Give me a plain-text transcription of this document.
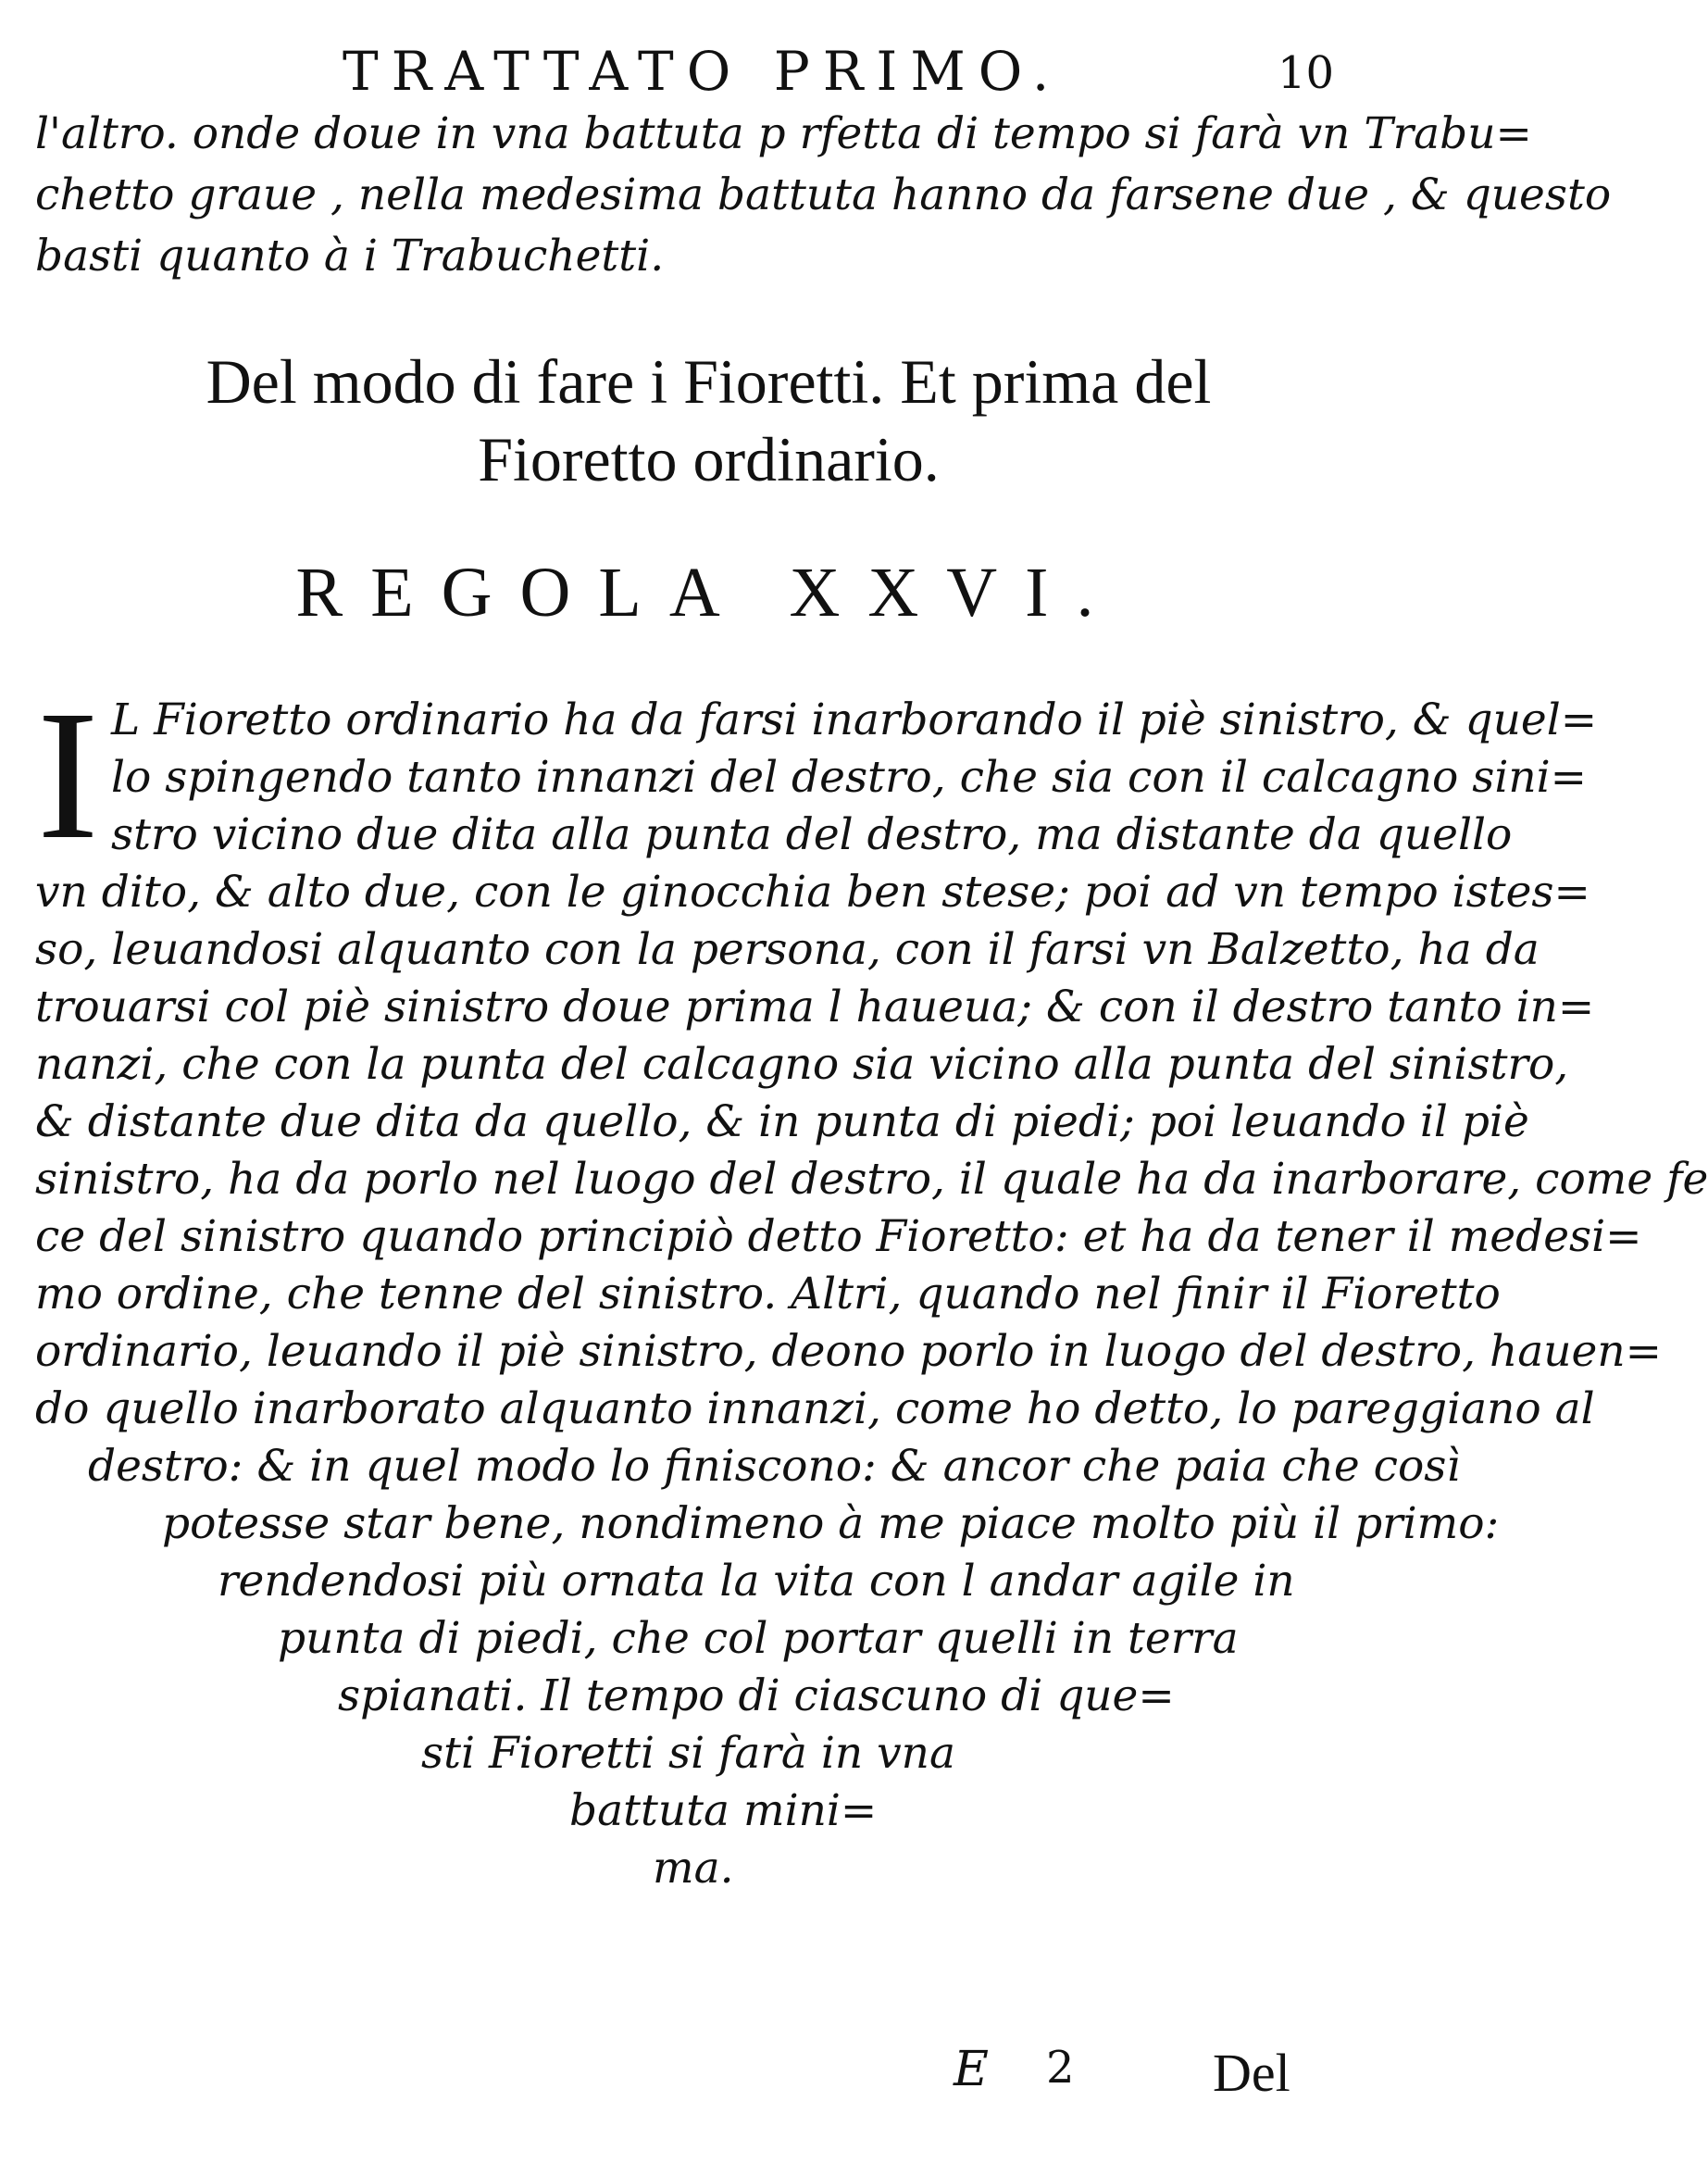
TRATTATO PRIMO.	10
l'altro. onde doue in vna battuta p rfetta di tempo si farà vn Trabu=
chetto graue , nella medesima battuta hanno da farsene due , & questo
basti quanto à i Trabuchetti.
Del modo di fare i Fioretti. Et prima del
Fioretto ordinario.
REGOLA XXVI.
I L Fioretto ordinario ha da farsi inarborando il piè sinistro, & quel=
lo spingendo tanto innanzi del destro, che sia con il calcagno sini=
stro vicino due dita alla punta del destro, ma distante da quello
vn dito, & alto due, con le ginocchia ben stese; poi ad vn tempo istes=
so, leuandosi alquanto con la persona, con il farsi vn Balzetto, ha da
trouarsi col piè sinistro doue prima l haueua; & con il destro tanto in=
nanzi, che con la punta del calcagno sia vicino alla punta del sinistro,
& distante due dita da quello, & in punta di piedi; poi leuando il piè
sinistro, ha da porlo nel luogo del destro, il quale ha da inarborare, come fe
ce del sinistro quando principiò detto Fioretto: et ha da tener il medesi=
mo ordine, che tenne del sinistro. Altri, quando nel finir il Fioretto
ordinario, leuando il piè sinistro, deono porlo in luogo del destro, hauen=
do quello inarborato alquanto innanzi, come ho detto, lo pareggiano al
destro: & in quel modo lo finiscono: & ancor che paia che così
potesse star bene, nondimeno à me piace molto più il primo:
rendendosi più ornata la vita con l andar agile in
punta di piedi, che col portar quelli in terra
spianati. Il tempo di ciascuno di que=
sti Fioretti si farà in vna
battuta mini=
ma.
E 2	Del
